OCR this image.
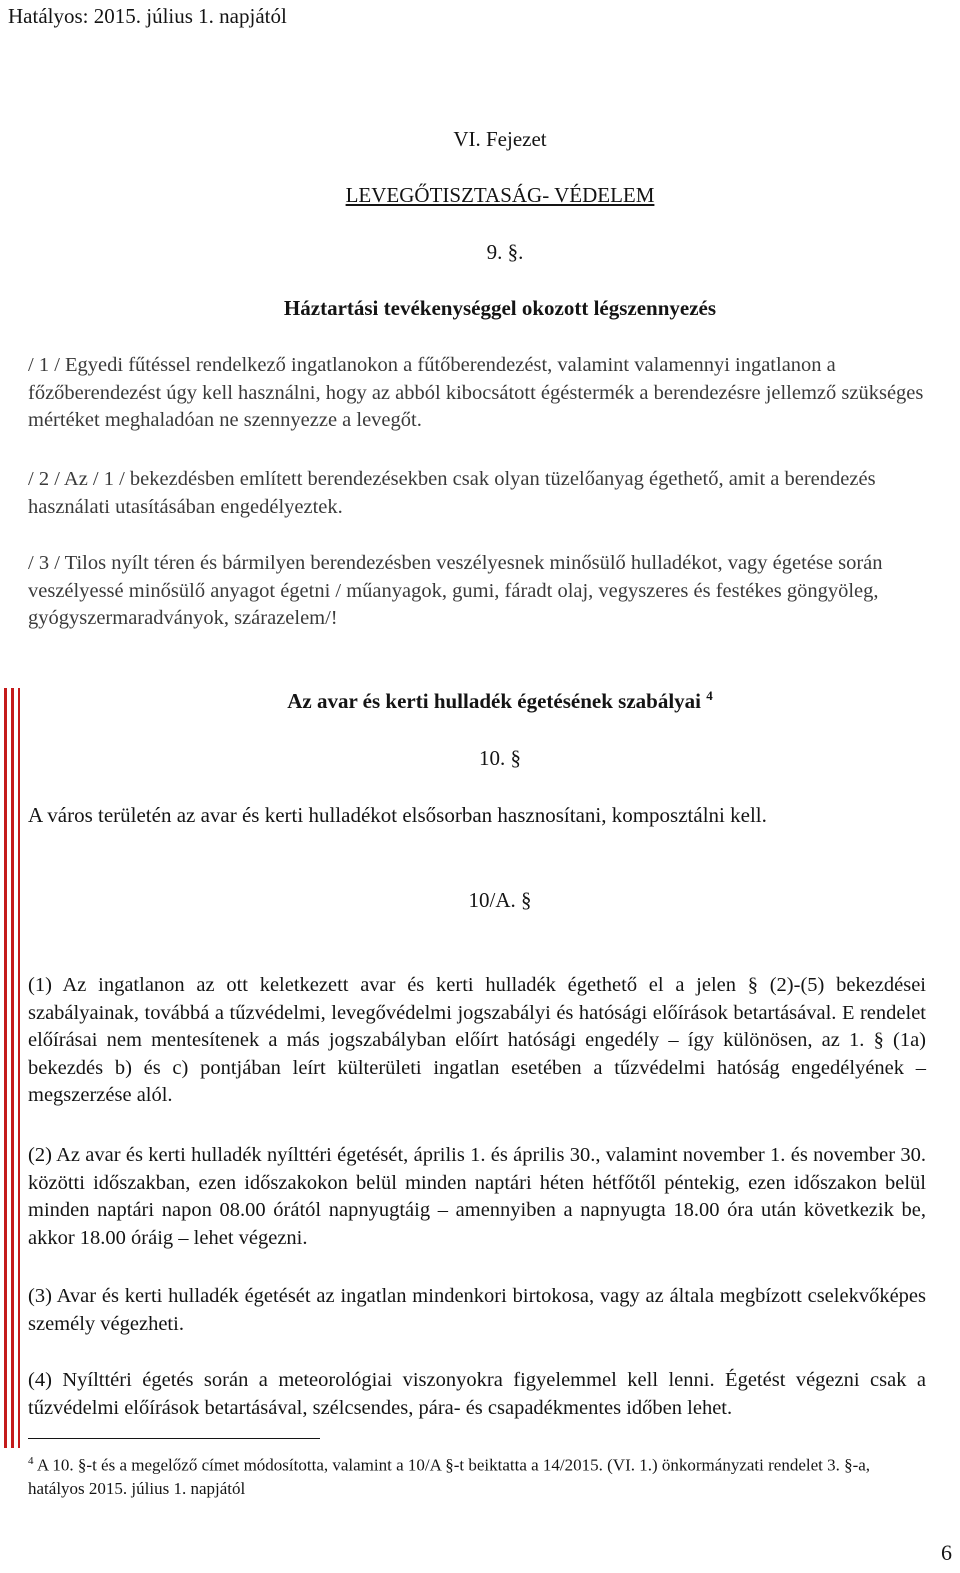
Hatályos: 2015. július 1. napjától
VI. Fejezet
LEVEGŐTISZTASÁG- VÉDELEM
9. §.
Háztartási tevékenységgel okozott légszennyezés
/ 1 / Egyedi fűtéssel rendelkező ingatlanokon a fűtőberendezést, valamint valamennyi ingatlanon a főzőberendezést úgy kell használni, hogy az abból kibocsátott égéstermék a berendezésre jellemző szükséges mértéket meghaladóan ne szennyezze a levegőt.
/ 2 / Az / 1 / bekezdésben említett berendezésekben csak olyan tüzelőanyag égethető, amit a berendezés használati utasításában engedélyeztek.
/ 3 / Tilos nyílt téren és bármilyen berendezésben veszélyesnek minősülő hulladékot, vagy égetése során veszélyessé minősülő anyagot égetni / műanyagok, gumi, fáradt olaj, vegyszeres és festékes göngyöleg, gyógyszermaradványok, szárazelem/!
Az avar és kerti hulladék égetésének szabályai $^4$
10. §
A város területén az avar és kerti hulladékot elsősorban hasznosítani, komposztálni kell.
10/A. §
(1) Az ingatlanon az ott keletkezett avar és kerti hulladék égethető el a jelen § (2)-(5) bekezdései szabályainak, továbbá a tűzvédelmi, levegővédelmi jogszabályi és hatósági előírások betartásával. E rendelet előírásai nem mentesítenek a más jogszabályban előírt hatósági engedély – így különösen, az 1. § (1a) bekezdés b) és c) pontjában leírt külterületi ingatlan esetében a tűzvédelmi hatóság engedélyének – megszerzése alól.
(2) Az avar és kerti hulladék nyílttéri égetését, április 1. és április 30., valamint november 1. és november 30. közötti időszakban, ezen időszakokon belül minden naptári héten hétfőtől péntekig, ezen időszakon belül minden naptári napon 08.00 órától napnyugtáig – amennyiben a napnyugta 18.00 óra után következik be, akkor 18.00 óráig – lehet végezni.
(3) Avar és kerti hulladék égetését az ingatlan mindenkori birtokosa, vagy az általa megbízott cselekvőképes személy végezheti.
(4) Nyílttéri égetés során a meteorológiai viszonyokra figyelemmel kell lenni. Égetést végezni csak a tűzvédelmi előírások betartásával, szélcsendes, pára- és csapadékmentes időben lehet.
$^4$ A 10. §-t és a megelőző címet módosította, valamint a 10/A §-t beiktatta a 14/2015. (VI. 1.) önkormányzati rendelet 3. §-a, hatályos 2015. július 1. napjától
6
